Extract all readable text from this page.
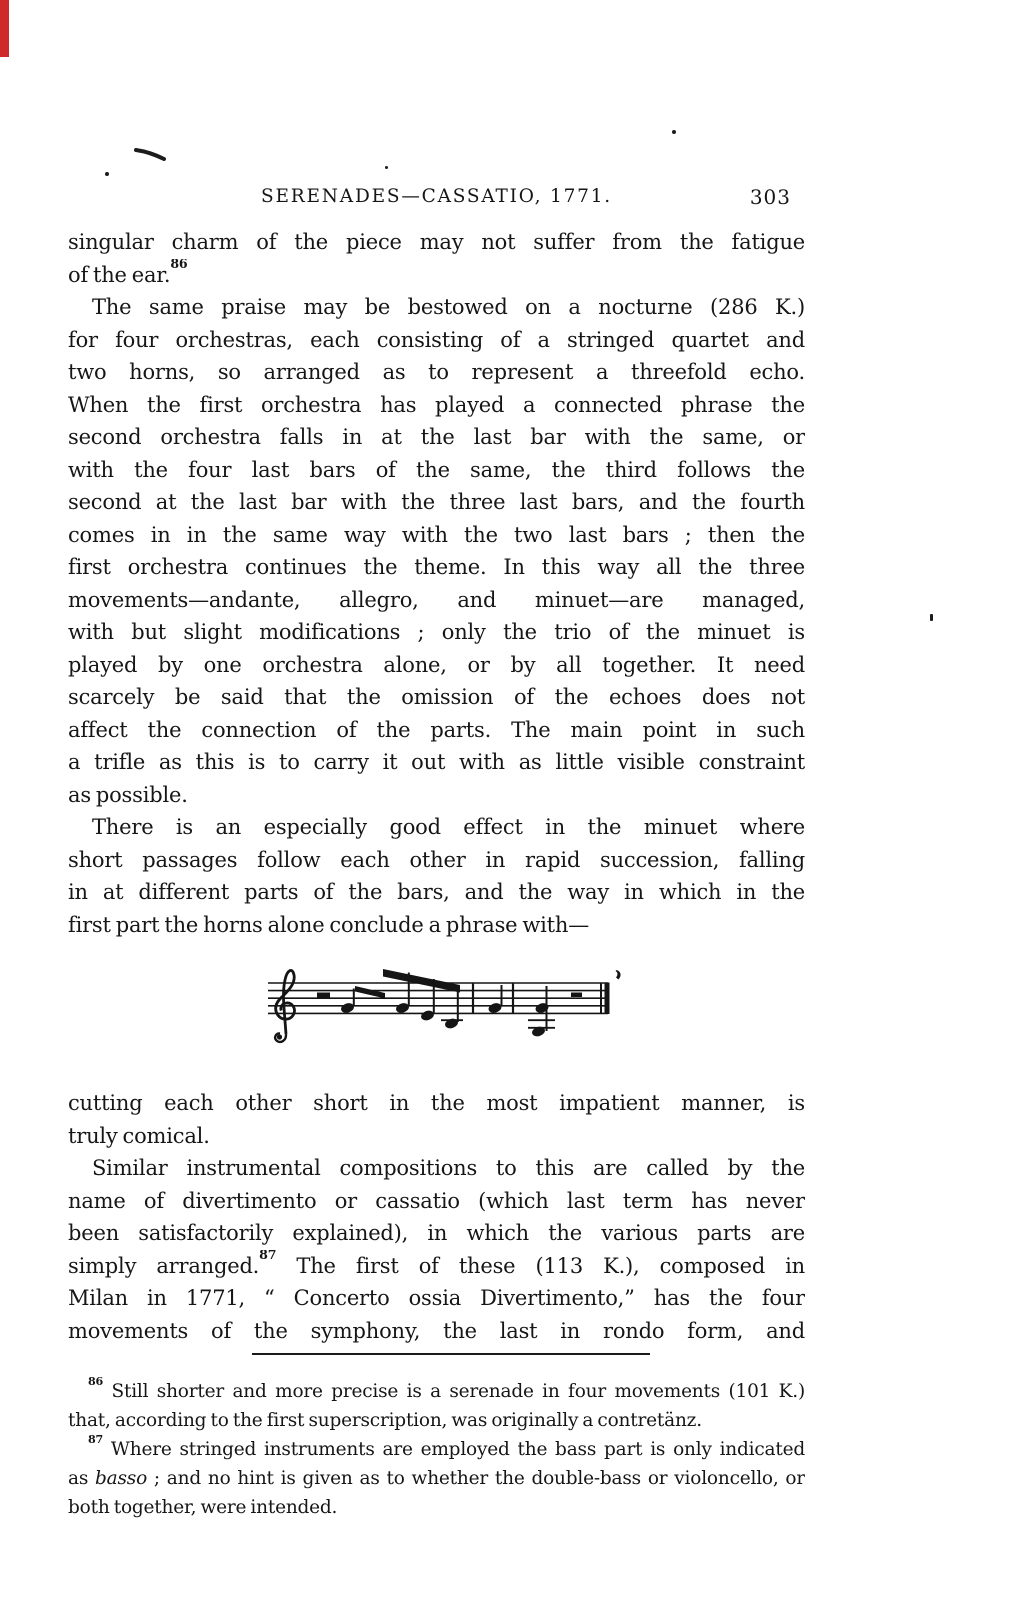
SERENADES—CASSATIO, 1771.	303
singular charm of the piece may not suffer from the fatigue
of the ear.$^{86}$
The same praise may be bestowed on a nocturne (286 K.)
for four orchestras, each consisting of a stringed quartet and
two horns, so arranged as to represent a threefold echo.
When the first orchestra has played a connected phrase the
second orchestra falls in at the last bar with the same, or
with the four last bars of the same, the third follows the
second at the last bar with the three last bars, and the fourth
comes in in the same way with the two last bars ; then the
first orchestra continues the theme. In this way all the three
movements—andante, allegro, and minuet—are managed,
with but slight modifications ; only the trio of the minuet is
played by one orchestra alone, or by all together. It need
scarcely be said that the omission of the echoes does not
affect the connection of the parts. The main point in such
a trifle as this is to carry it out with as little visible constraint
as possible.
There is an especially good effect in the minuet where
short passages follow each other in rapid succession, falling
in at different parts of the bars, and the way in which in the
first part the horns alone conclude a phrase with—
cutting each other short in the most impatient manner, is
truly comical.
Similar instrumental compositions to this are called by the
name of divertimento or cassatio (which last term has never
been satisfactorily explained), in which the various parts are
simply arranged.$^{87}$ The first of these (113 K.), composed in
Milan in 1771, “ Concerto ossia Divertimento,” has the four
movements of the symphony, the last in rondo form, and
$^{86}$ Still shorter and more precise is a serenade in four movements (101 K.)
that, according to the first superscription, was originally a contretänz.
$^{87}$ Where stringed instruments are employed the bass part is only indicated
as basso ; and no hint is given as to whether the double-bass or violoncello, or
both together, were intended.
